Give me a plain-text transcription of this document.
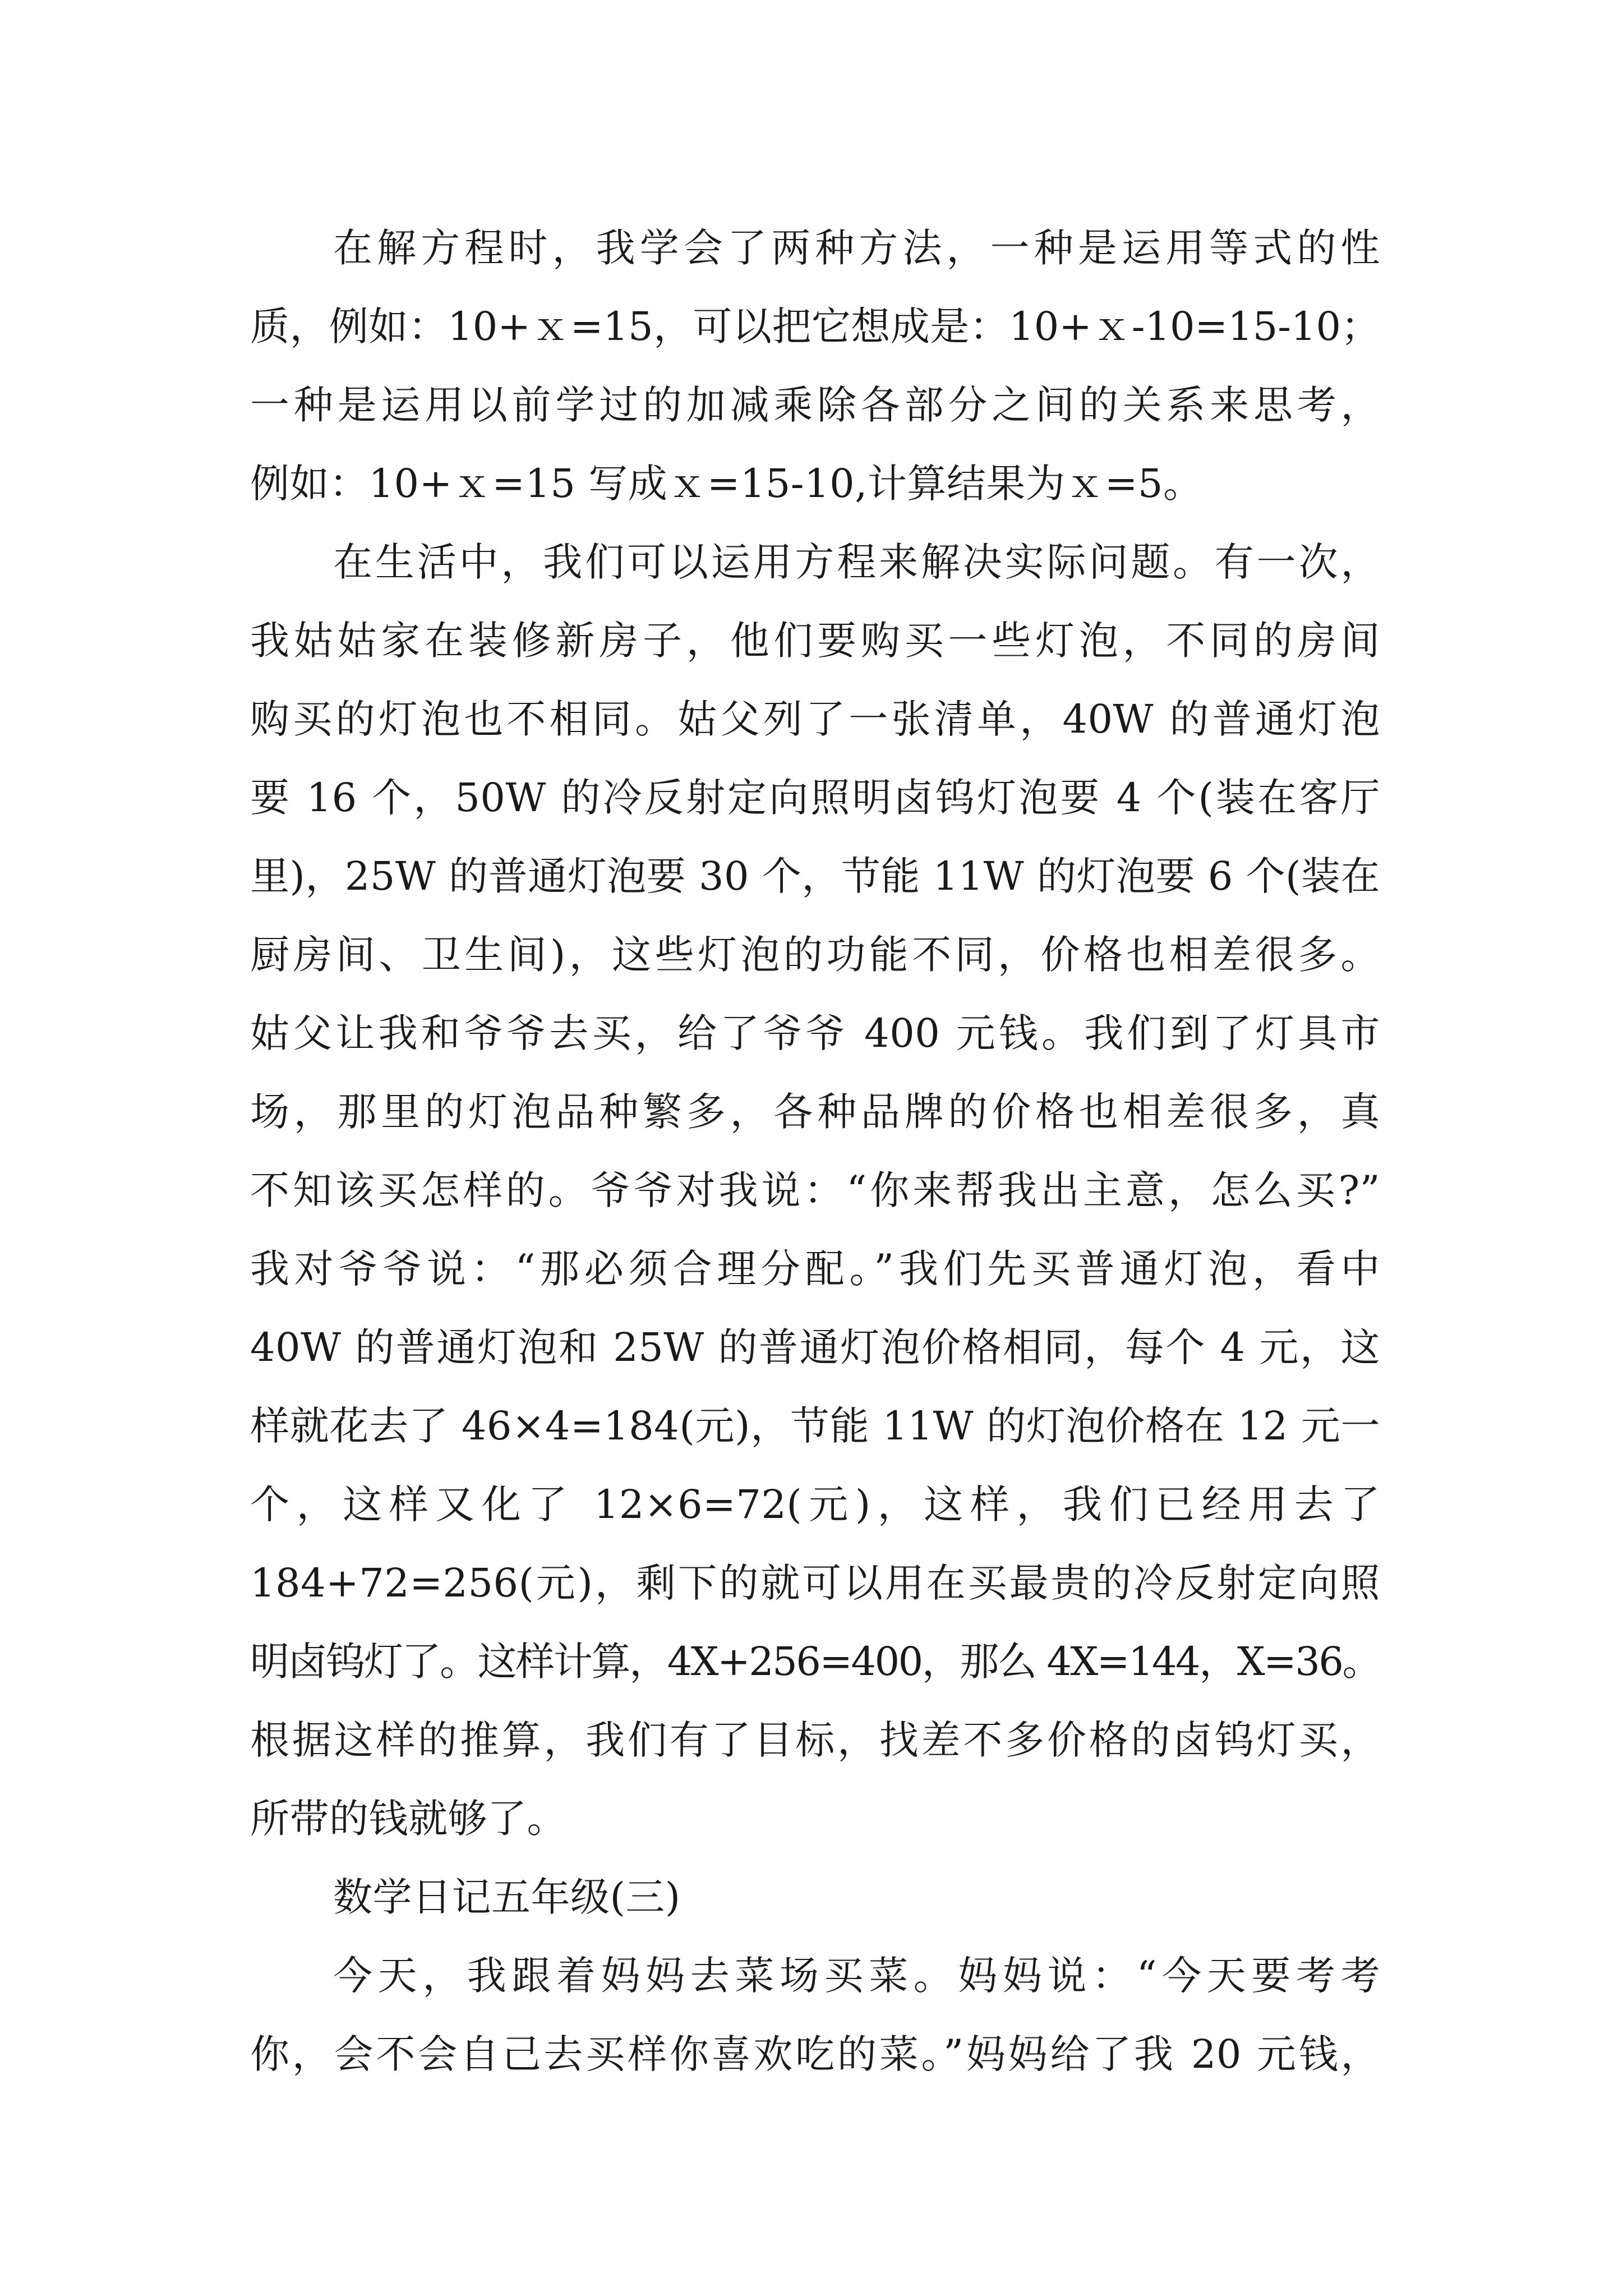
在解方程时，我学会了两种方法，一种是运用等式的性
质，例如：10+ｘ=15，可以把它想成是：10+ｘ-10=15-10；
一种是运用以前学过的加减乘除各部分之间的关系来思考，
例如：10+ｘ=15 写成ｘ=15-10,计算结果为ｘ=5。
在生活中，我们可以运用方程来解决实际问题。有一次，
我姑姑家在装修新房子，他们要购买一些灯泡，不同的房间
购买的灯泡也不相同。姑父列了一张清单，40W 的普通灯泡
要 16 个，50W 的冷反射定向照明卤钨灯泡要 4 个(装在客厅
里)，25W 的普通灯泡要 30 个，节能 11W 的灯泡要 6 个(装在
厨房间、卫生间)，这些灯泡的功能不同，价格也相差很多。
姑父让我和爷爷去买，给了爷爷 400 元钱。我们到了灯具市
场，那里的灯泡品种繁多，各种品牌的价格也相差很多，真
不知该买怎样的。爷爷对我说：“你来帮我出主意，怎么买?”
我对爷爷说：“那必须合理分配。”我们先买普通灯泡，看中
40W 的普通灯泡和 25W 的普通灯泡价格相同，每个 4 元，这
样就花去了 46×4=184(元)，节能 11W 的灯泡价格在 12 元一
个，这样又化了 12×6=72(元)，这样，我们已经用去了
184+72=256(元)，剩下的就可以用在买最贵的冷反射定向照
明卤钨灯了。这样计算，4X+256=400，那么 4X=144，X=36。
根据这样的推算，我们有了目标，找差不多价格的卤钨灯买，
所带的钱就够了。
数学日记五年级(三)
今天，我跟着妈妈去菜场买菜。妈妈说：“今天要考考
你，会不会自己去买样你喜欢吃的菜。”妈妈给了我 20 元钱，
